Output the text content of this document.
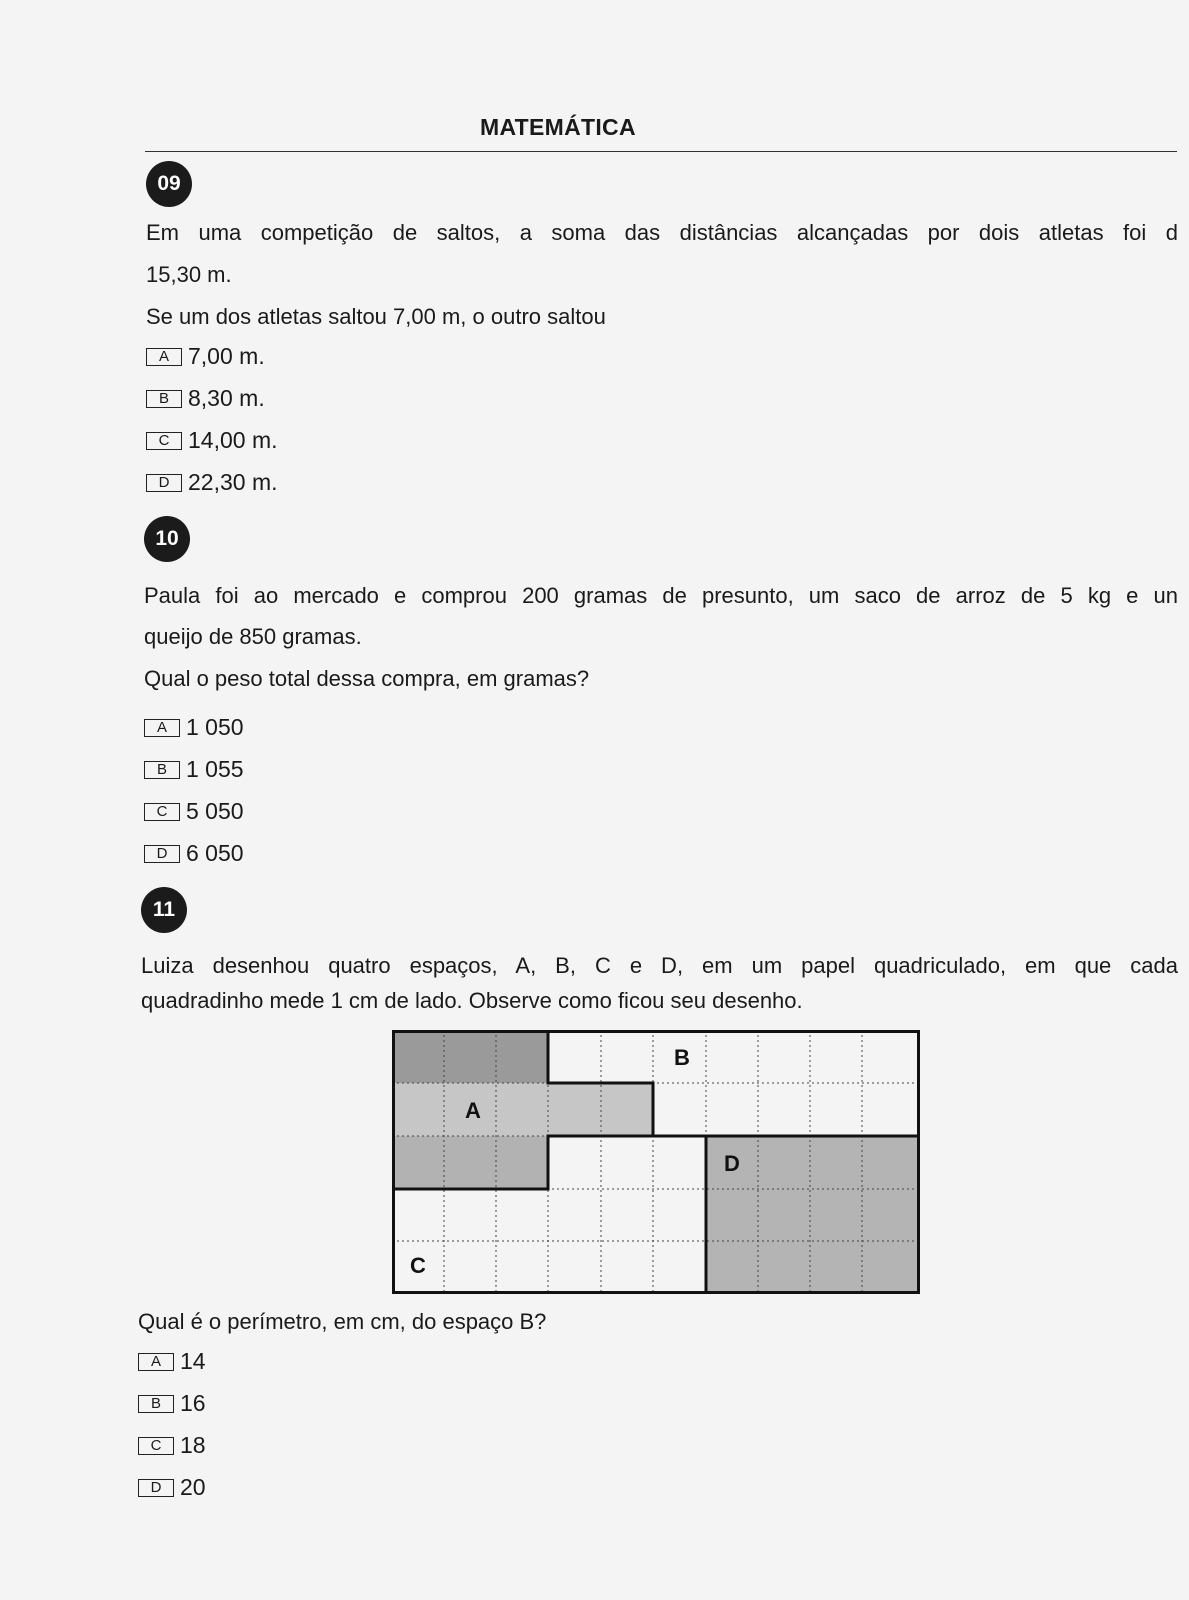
MATEMÁTICA
09
Em uma competição de saltos, a soma das distâncias alcançadas por dois atletas foi d
15,30 m.
Se um dos atletas saltou 7,00 m, o outro saltou
A 7,00 m.
B 8,30 m.
C 14,00 m.
D 22,30 m.
10
Paula foi ao mercado e comprou 200 gramas de presunto, um saco de arroz de 5 kg e un
queijo de 850 gramas.
Qual o peso total dessa compra, em gramas?
A 1 050
B 1 055
C 5 050
D 6 050
11
Luiza desenhou quatro espaços, A, B, C e D, em um papel quadriculado, em que cada
quadradinho mede 1 cm de lado. Observe como ficou seu desenho.
B
A
D
C
Qual é o perímetro, em cm, do espaço B?
A 14
B 16
C 18
D 20
